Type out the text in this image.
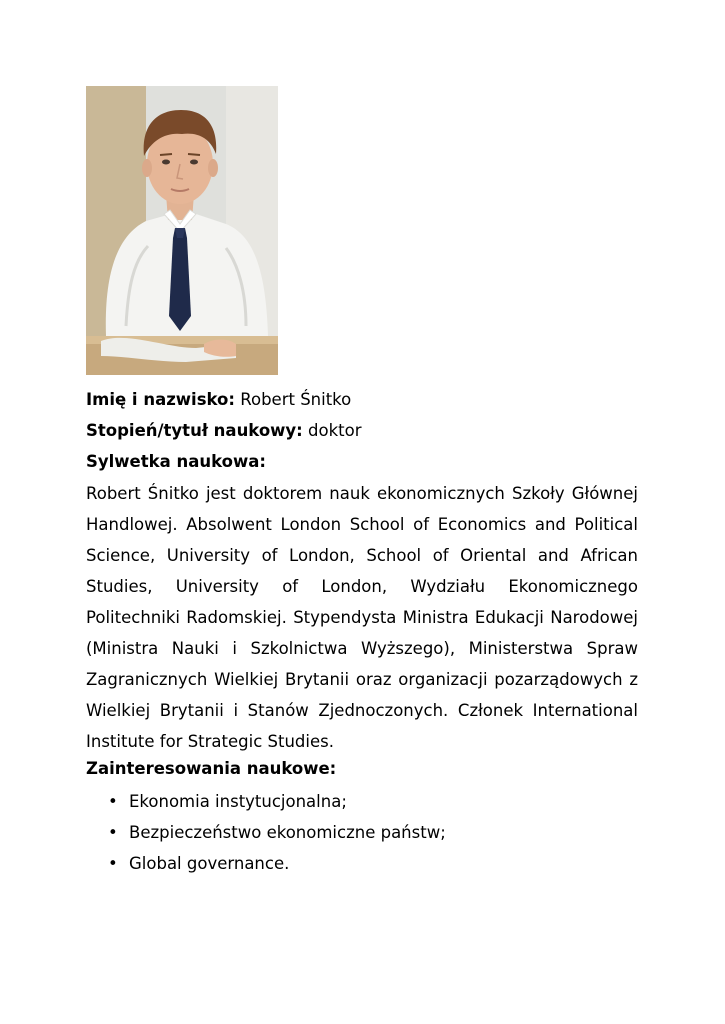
Imię i nazwisko: Robert Śnitko
Stopień/tytuł naukowy: doktor
Sylwetka naukowa:
Robert Śnitko jest doktorem nauk ekonomicznych Szkoły Głównej Handlowej. Absolwent London School of Economics and Political Science, University of London, School of Oriental and African Studies, University of London, Wydziału Ekonomicznego Politechniki Radomskiej. Stypendysta Ministra Edukacji Narodowej (Ministra Nauki i Szkolnictwa Wyższego), Ministerstwa Spraw Zagranicznych Wielkiej Brytanii oraz organizacji pozarządowych z Wielkiej Brytanii i Stanów Zjednoczonych. Członek International Institute for Strategic Studies.
Zainteresowania naukowe:
• Ekonomia instytucjonalna;
• Bezpieczeństwo ekonomiczne państw;
• Global governance.
